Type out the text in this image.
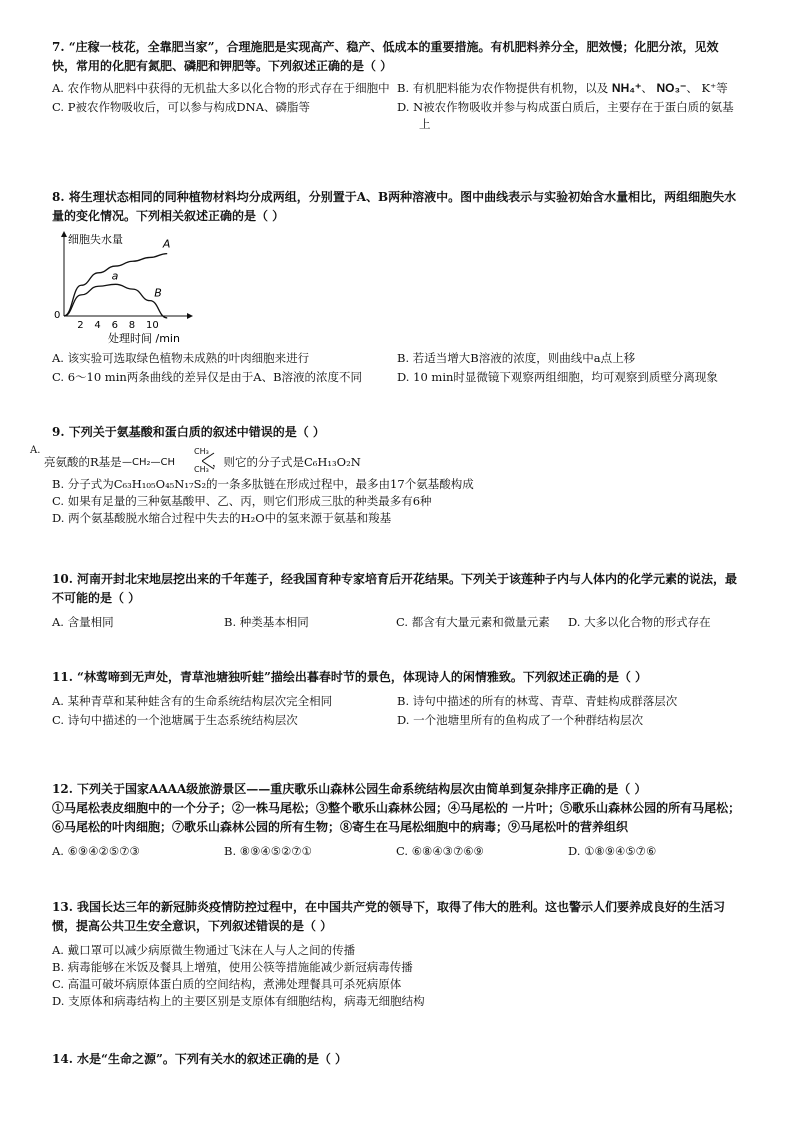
7. “庄稼一枝花，全靠肥当家”，合理施肥是实现高产、稳产、低成本的重要措施。有机肥料养分全，肥效慢；化肥分浓，见效快，常用的化肥有氮肥、磷肥和钾肥等。下列叙述正确的是（ ）

A. 农作物从肥料中获得的无机盐大多以化合物的形式存在于细胞中 B. 有机肥料能为农作物提供有机物，以及 NH₄⁺、 NO₃⁻、 K⁺等
C. P被农作物吸收后，可以参与构成DNA、磷脂等	D. N被农作物吸收并参与构成蛋白质后，主要存在于蛋白质的氨基上

8. 将生理状态相同的同种植物材料均分成两组，分别置于A、B两种溶液中。图中曲线表示与实验初始含水量相比，两组细胞失水量的变化情况。下列相关叙述正确的是（ ）

细胞失水量
处理时间 /min
0
2 4 6 8 10
A
B
a
A. 该实验可选取绿色植物未成熟的叶肉细胞来进行	B. 若适当增大B溶液的浓度，则曲线中a点上移
C. 6～10 min两条曲线的差异仅是由于A、B溶液的浓度不同	D. 10 min时显微镜下观察两组细胞，均可观察到质壁分离现象

9. 下列关于氨基酸和蛋白质的叙述中错误的是（ ）

A.
亮氨酸的R基是 —CH₂—CH
CH₃
CH₃
，则它的分子式是C₆H₁₃O₂N
B. 分子式为C₆₃H₁₀₅O₄₅N₁₇S₂的一条多肽链在形成过程中，最多由17个氨基酸构成
C. 如果有足量的三种氨基酸甲、乙、丙，则它们形成三肽的种类最多有6种
D. 两个氨基酸脱水缩合过程中失去的H₂O中的氢来源于氨基和羧基

10. 河南开封北宋地层挖出来的千年莲子，经我国育种专家培育后开花结果。下列关于该莲种子内与人体内的化学元素的说法，最不可能的是（ ）

A. 含量相同	B. 种类基本相同	C. 都含有大量元素和微量元素	D. 大多以化合物的形式存在

11. “林莺啼到无声处，青草池塘独听蛙”描绘出暮春时节的景色，体现诗人的闲情雅致。下列叙述正确的是（ ）

A. 某种青草和某种蛙含有的生命系统结构层次完全相同	B. 诗句中描述的所有的林莺、青草、青蛙构成群落层次
C. 诗句中描述的一个池塘属于生态系统结构层次	D. 一个池塘里所有的鱼构成了一个种群结构层次

12. 下列关于国家AAAA级旅游景区——重庆歌乐山森林公园生命系统结构层次由简单到复杂排序正确的是（ ）

①马尾松表皮细胞中的一个分子；②一株马尾松；③整个歌乐山森林公园；④马尾松的 一片叶；⑤歌乐山森林公园的所有马尾松；⑥马尾松的叶肉细胞；⑦歌乐山森林公园的所有生物；⑧寄生在马尾松细胞中的病毒；⑨马尾松叶的营养组织

A. ⑥⑨④②⑤⑦③	B. ⑧⑨④⑤②⑦①	C. ⑥⑧④③⑦⑥⑨	D. ①⑧⑨④⑤⑦⑥

13. 我国长达三年的新冠肺炎疫情防控过程中，在中国共产党的领导下，取得了伟大的胜利。这也警示人们要养成良好的生活习惯，提高公共卫生安全意识，下列叙述错误的是（ ）

A. 戴口罩可以减少病原微生物通过飞沫在人与人之间的传播
B. 病毒能够在米饭及餐具上增殖，使用公筷等措施能减少新冠病毒传播
C. 高温可破坏病原体蛋白质的空间结构，煮沸处理餐具可杀死病原体
D. 支原体和病毒结构上的主要区别是支原体有细胞结构，病毒无细胞结构

14. 水是“生命之源”。下列有关水的叙述正确的是（ ）
